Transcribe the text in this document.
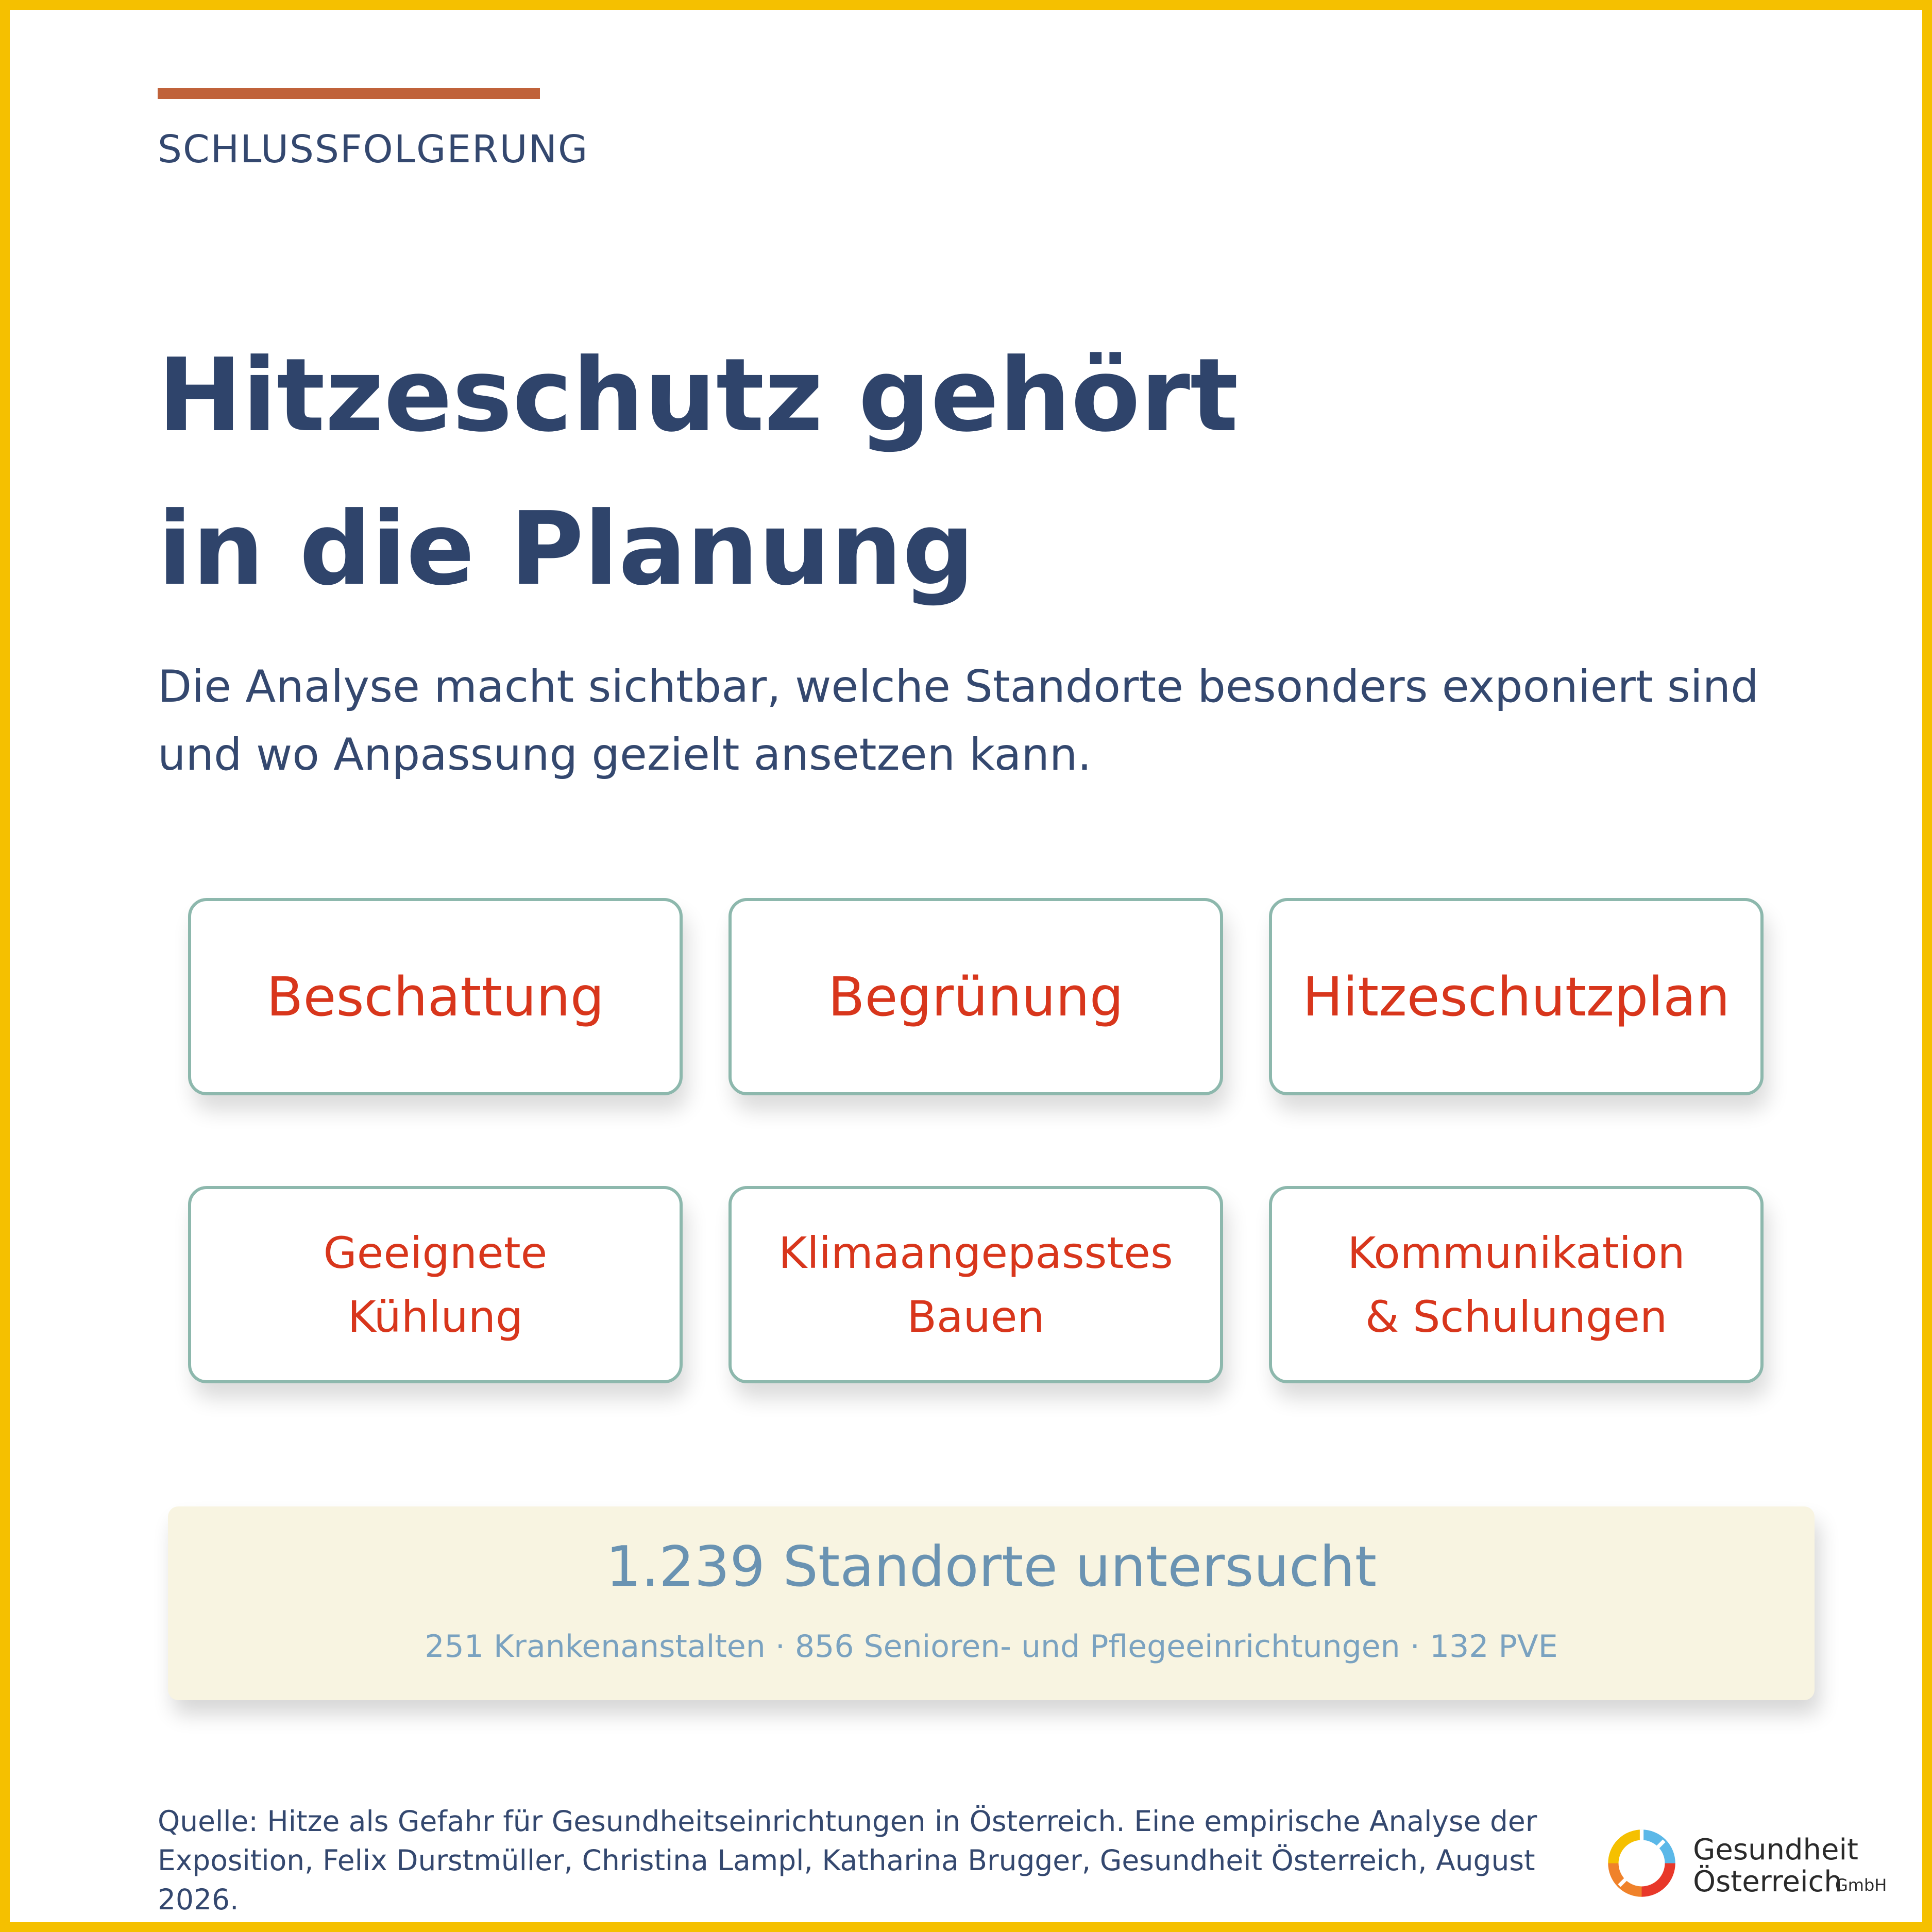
SCHLUSSFOLGERUNG
Hitzeschutz gehört
in die Planung
Die Analyse macht sichtbar, welche Standorte besonders exponiert sind
und wo Anpassung gezielt ansetzen kann.
Beschattung	Begrünung	Hitzeschutzplan
Geeignete
Kühlung
Klimaangepasstes
Bauen
Kommunikation
& Schulungen
1.239 Standorte untersucht
251 Krankenanstalten · 856 Senioren- und Pflegeeinrichtungen · 132 PVE
Quelle: Hitze als Gefahr für Gesundheitseinrichtungen in Österreich. Eine empirische Analyse der
Exposition, Felix Durstmüller, Christina Lampl, Katharina Brugger, Gesundheit Österreich, August 2026.
Gesundheit
Österreich
GmbH
